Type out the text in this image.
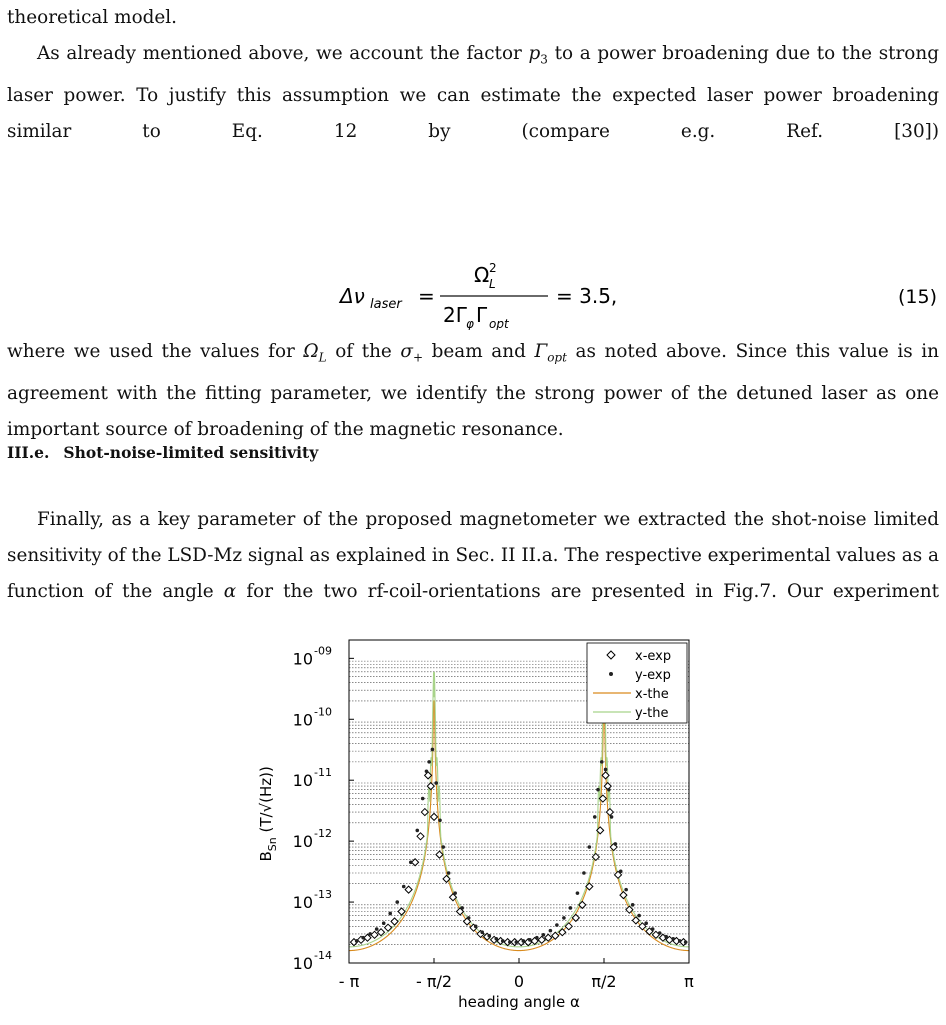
theoretical model.

As already mentioned above, we account the factor $p_3$ to a power broadening due to the strong laser power. To justify this assumption we can estimate the expected laser power broadening similar to Eq. 12 by (compare e.g. Ref. [30])

Δν laser =
Ω 2
L
2Γ φ Γ opt
= 3.5,	(15)

where we used the values for $\Omega_L$ of the $\sigma_+$ beam and $\Gamma_{opt}$ as noted above. Since this value is in agreement with the fitting parameter, we identify the strong power of the detuned laser as one important source of broadening of the magnetic resonance.

III.e. Shot-noise-limited sensitivity

Finally, as a key parameter of the proposed magnetometer we extracted the shot-noise limited sensitivity of the LSD-Mz signal as explained in Sec. II II.a. The respective experimental values as a function of the angle α for the two rf-coil-orientations are presented in Fig.7. Our experiment

$B_{Sn}$ (T/√(Hz))
heading angle α
10 -14
10 -13
10 -12
10 -11
10 -10
10 -09
- π	- π/2	0	π/2	π
x-exp
y-exp
x-the
y-the
